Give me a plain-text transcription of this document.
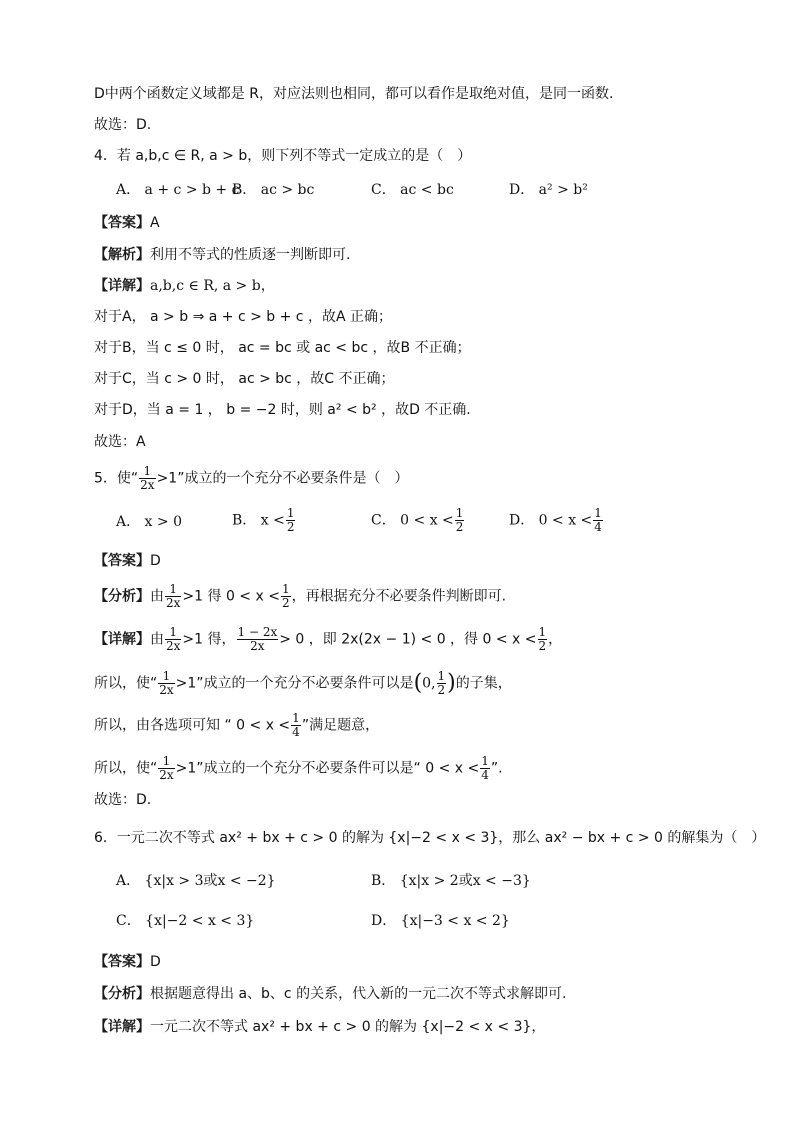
D中两个函数定义域都是 R，对应法则也相同，都可以看作是取绝对值，是同一函数.
故选：D.
4．若 a,b,c ∈ R, a > b，则下列不等式一定成立的是（　）
A． a + c > b + c
B． ac > bc	C． ac < bc	D． a² > b²
【答案】A
【解析】利用不等式的性质逐一判断即可.
【详解】a,b,c ∈ R, a > b，
对于A， a > b ⇒ a + c > b + c ，故A 正确；
对于B，当 c ≤ 0 时， ac = bc 或 ac < bc ，故B 不正确；
对于C，当 c > 0 时， ac > bc ，故C 不正确；
对于D，当 a = 1 ， b = −2 时，则 a² < b² ，故D 不正确.
故选：A
5．使“ $\frac{1}{2x} >1$”成立的一个充分不必要条件是（　）
A． x > 0	B． $x < \frac{1}{2}$	C． $0 < x < \frac{1}{2}$	D． $0 < x < \frac{1}{4}$
【答案】D
【分析】由 $\frac{1}{2x} >1$ 得 $0 < x < \frac{1}{2}$ ，再根据充分不必要条件判断即可.
【详解】由 $\frac{1}{2x} >1$ 得， $\frac{1 - 2x}{2x} > 0$ ，即 2x(2x − 1) < 0 ，得 $0 < x < \frac{1}{2}$ ，
所以，使“ $\frac{1}{2x} >1$”成立的一个充分不必要条件可以是(0, $\frac{1}{2}$ )的子集，
所以，由各选项可知 “ $0 < x < \frac{1}{4}$ ”满足题意，
所以，使“ $\frac{1}{2x} >1$”成立的一个充分不必要条件可以是“ $0 < x < \frac{1}{4}$ ”.
故选：D.
6．一元二次不等式 ax² + bx + c > 0 的解为 {x|−2 < x < 3}，那么 ax² − bx + c > 0 的解集为（　）
A． {x|x > 3或x < −2}	B． {x|x > 2或x < −3}
C． {x|−2 < x < 3}	D． {x|−3 < x < 2}
【答案】D
【分析】根据题意得出 a、b、c 的关系，代入新的一元二次不等式求解即可.
【详解】一元二次不等式 ax² + bx + c > 0 的解为 {x|−2 < x < 3}，
